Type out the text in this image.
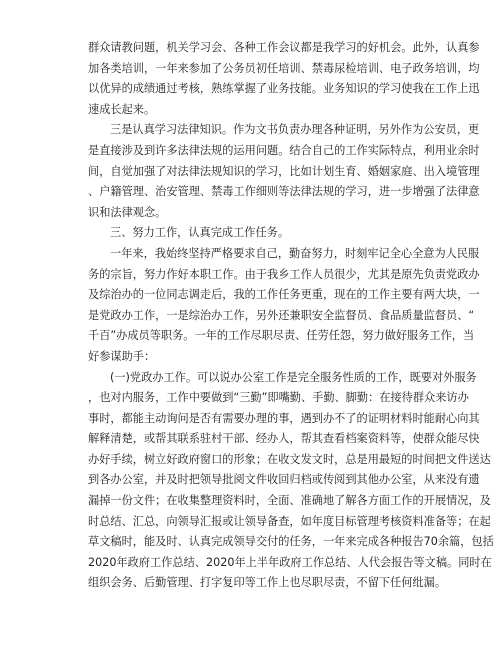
群众请教问题，机关学习会、各种工作会议都是我学习的好机会。此外，认真参
加各类培训，一年来参加了公务员初任培训、禁毒尿检培训、电子政务培训，均
以优异的成绩通过考核，熟练掌握了业务技能。业务知识的学习使我在工作上迅
速成长起来。
三是认真学习法律知识。作为文书负责办理各种证明，另外作为公安员，更
是直接涉及到许多法律法规的运用问题。结合自己的工作实际特点，利用业余时
间，自觉加强了对法律法规知识的学习，比如计划生育、婚姻家庭、出入境管理
、户籍管理、治安管理、禁毒工作细则等法律法规的学习，进一步增强了法律意
识和法律观念。
三、努力工作，认真完成工作任务。
一年来，我始终坚持严格要求自己，勤奋努力，时刻牢记全心全意为人民服
务的宗旨，努力作好本职工作。由于我乡工作人员很少，尤其是原先负责党政办
及综治办的一位同志调走后，我的工作任务更重，现在的工作主要有两大块，一
是党政办工作，一是综治办工作，另外还兼职安全监督员、食品质量监督员、“
千百”办成员等职务。一年的工作尽职尽责、任劳任怨，努力做好服务工作，当
好参谋助手：
(一)党政办工作。可以说办公室工作是完全服务性质的工作，既要对外服务
，也对内服务，工作中要做到“三勤”即嘴勤、手勤、脚勤：在接待群众来访办
事时，都能主动询问是否有需要办理的事，遇到办不了的证明材料时能耐心向其
解释清楚，或帮其联系驻村干部、经办人，帮其查看档案资料等，使群众能尽快
办好手续，树立好政府窗口的形象；在收文发文时，总是用最短的时间把文件送达
到各办公室，并及时把领导批阅文件收回归档或传阅到其他办公室，从来没有遗
漏掉一份文件；在收集整理资料时，全面、准确地了解各方面工作的开展情况，及
时总结、汇总，向领导汇报或让领导备查，如年度目标管理考核资料准备等；在起
草文稿时，能及时、认真完成领导交付的任务，一年来完成各种报告70余篇，包括
2020年政府工作总结、2020年上半年政府工作总结、人代会报告等文稿。同时在
组织会务、后勤管理、打字复印等工作上也尽职尽责，不留下任何纰漏。
